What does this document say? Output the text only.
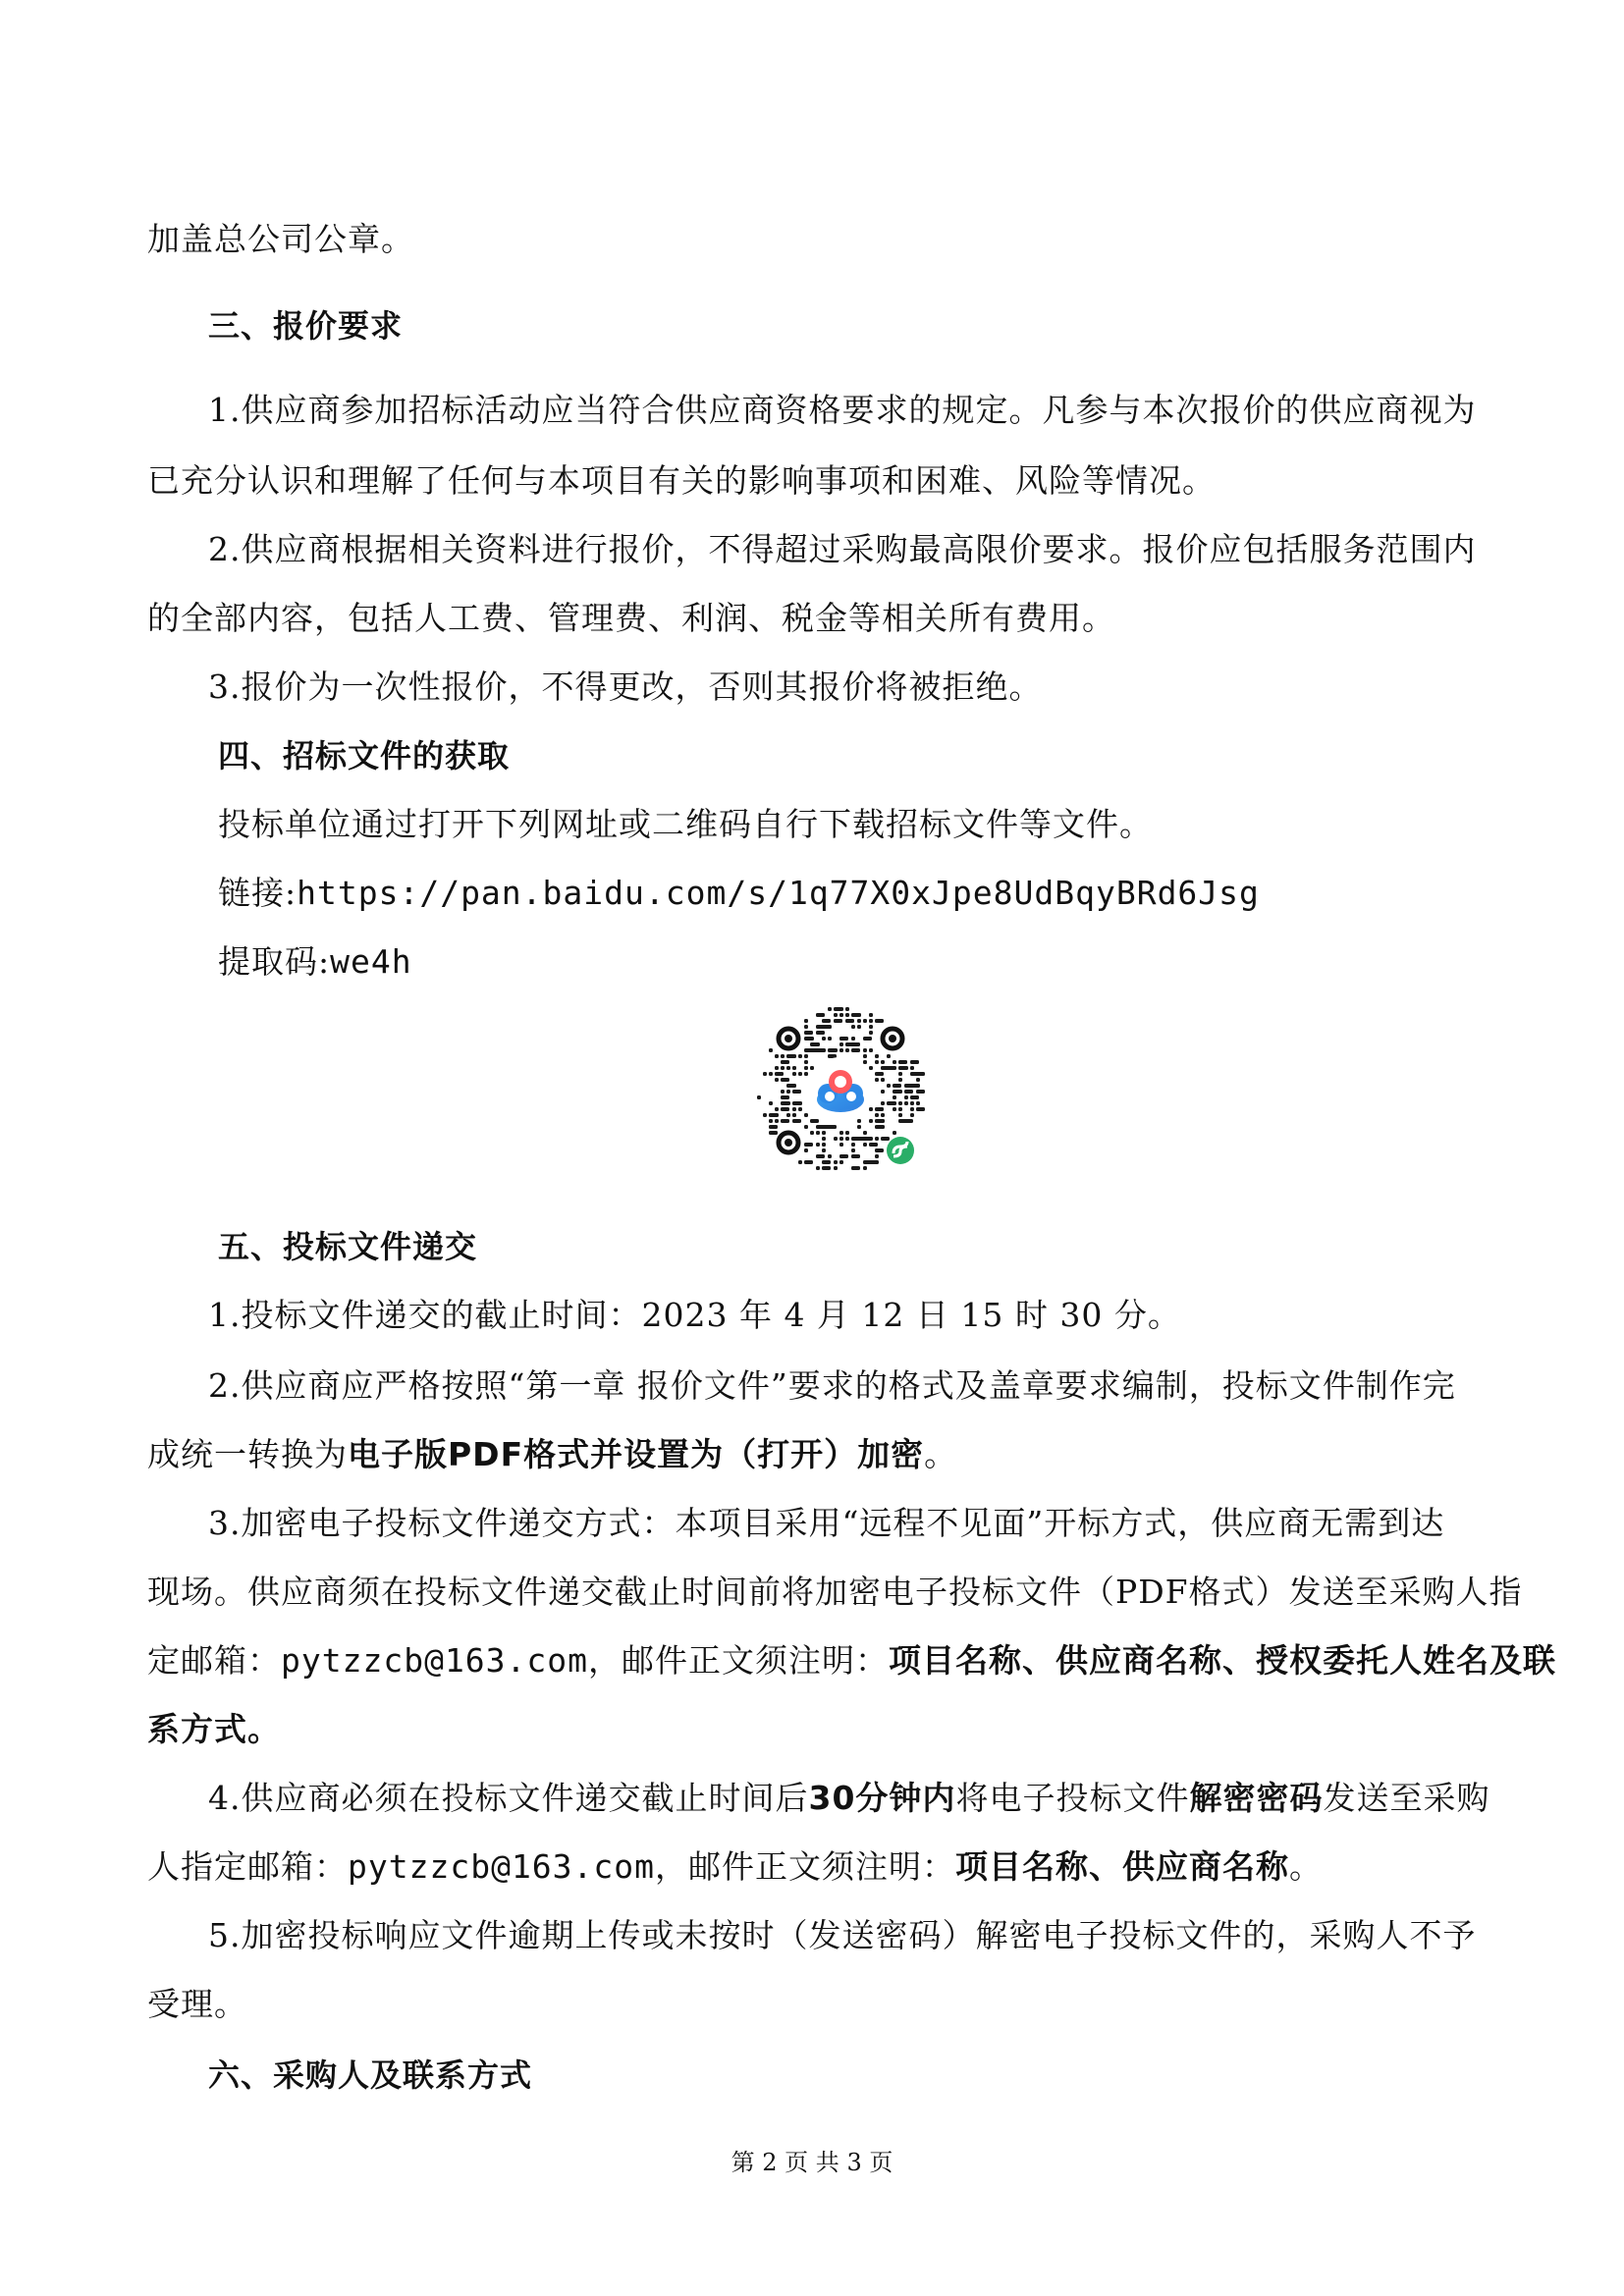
加盖总公司公章。
三、报价要求
1.供应商参加招标活动应当符合供应商资格要求的规定。凡参与本次报价的供应商视为
已充分认识和理解了任何与本项目有关的影响事项和困难、风险等情况。
2.供应商根据相关资料进行报价，不得超过采购最高限价要求。报价应包括服务范围内
的全部内容，包括人工费、管理费、利润、税金等相关所有费用。
3.报价为一次性报价，不得更改，否则其报价将被拒绝。
四、招标文件的获取
投标单位通过打开下列网址或二维码自行下载招标文件等文件。
链接:https://pan.baidu.com/s/1q77X0xJpe8UdBqyBRd6Jsg
提取码:we4h
五、投标文件递交
1.投标文件递交的截止时间：2023 年 4 月 12 日 15 时 30 分。
2.供应商应严格按照“第一章 报价文件”要求的格式及盖章要求编制，投标文件制作完
成统一转换为电子版PDF格式并设置为（打开）加密。
3.加密电子投标文件递交方式：本项目采用“远程不见面”开标方式，供应商无需到达
现场。供应商须在投标文件递交截止时间前将加密电子投标文件（PDF格式）发送至采购人指
定邮箱：pytzzcb@163.com，邮件正文须注明：项目名称、供应商名称、授权委托人姓名及联
系方式。
4.供应商必须在投标文件递交截止时间后30分钟内将电子投标文件解密密码发送至采购
人指定邮箱：pytzzcb@163.com，邮件正文须注明：项目名称、供应商名称。
5.加密投标响应文件逾期上传或未按时（发送密码）解密电子投标文件的，采购人不予
受理。
六、采购人及联系方式
第 2 页 共 3 页
